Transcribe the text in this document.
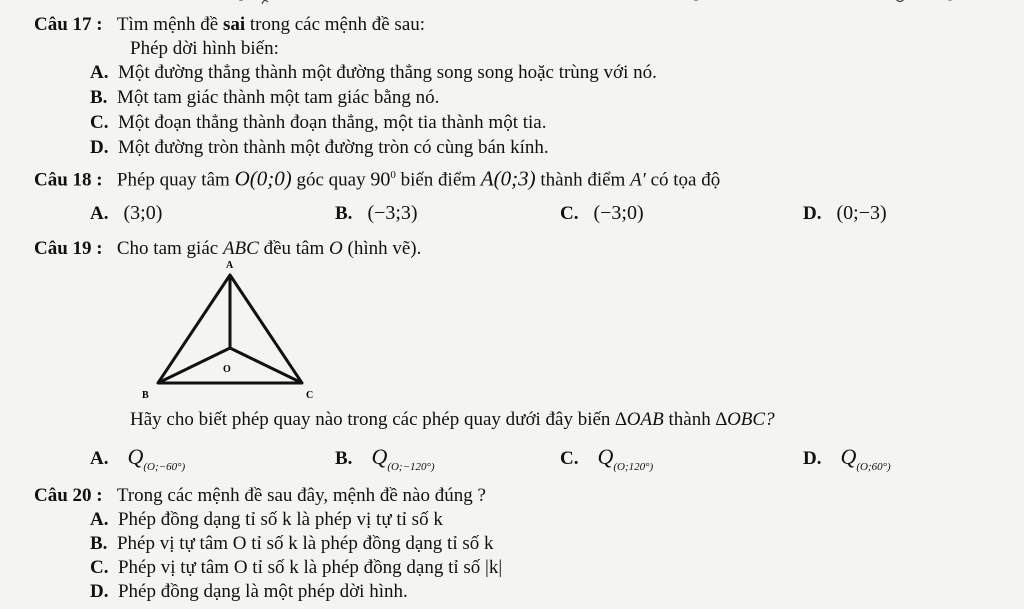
Câu 17 : Tìm mệnh đề sai trong các mệnh đề sau:
Phép dời hình biến:
A. Một đường thẳng thành một đường thẳng song song hoặc trùng với nó.
B. Một tam giác thành một tam giác bằng nó.
C. Một đoạn thẳng thành đoạn thẳng, một tia thành một tia.
D. Một đường tròn thành một đường tròn có cùng bán kính.
Câu 18 : Phép quay tâm O(0;0) góc quay $90^0$ biến điểm A(0;3) thành điểm A′ có tọa độ
A. (3;0)	B. (−3;3)	C. (−3;0)	D. (0;−3)
Câu 19 : Cho tam giác ABC đều tâm O (hình vẽ).
A
B	C
O
Hãy cho biết phép quay nào trong các phép quay dưới đây biến ∆OAB thành ∆OBC?
A. $Q_{(O;-60^\circ)}$	B. $Q_{(O;-120^\circ)}$	C. $Q_{(O;120^\circ)}$	D. $Q_{(O;60^\circ)}$
Câu 20 : Trong các mệnh đề sau đây, mệnh đề nào đúng ?
A. Phép đồng dạng tỉ số k là phép vị tự tỉ số k
B. Phép vị tự tâm O tỉ số k là phép đồng dạng tỉ số k
C. Phép vị tự tâm O tỉ số k là phép đồng dạng tỉ số |k|
D. Phép đồng dạng là một phép dời hình.
